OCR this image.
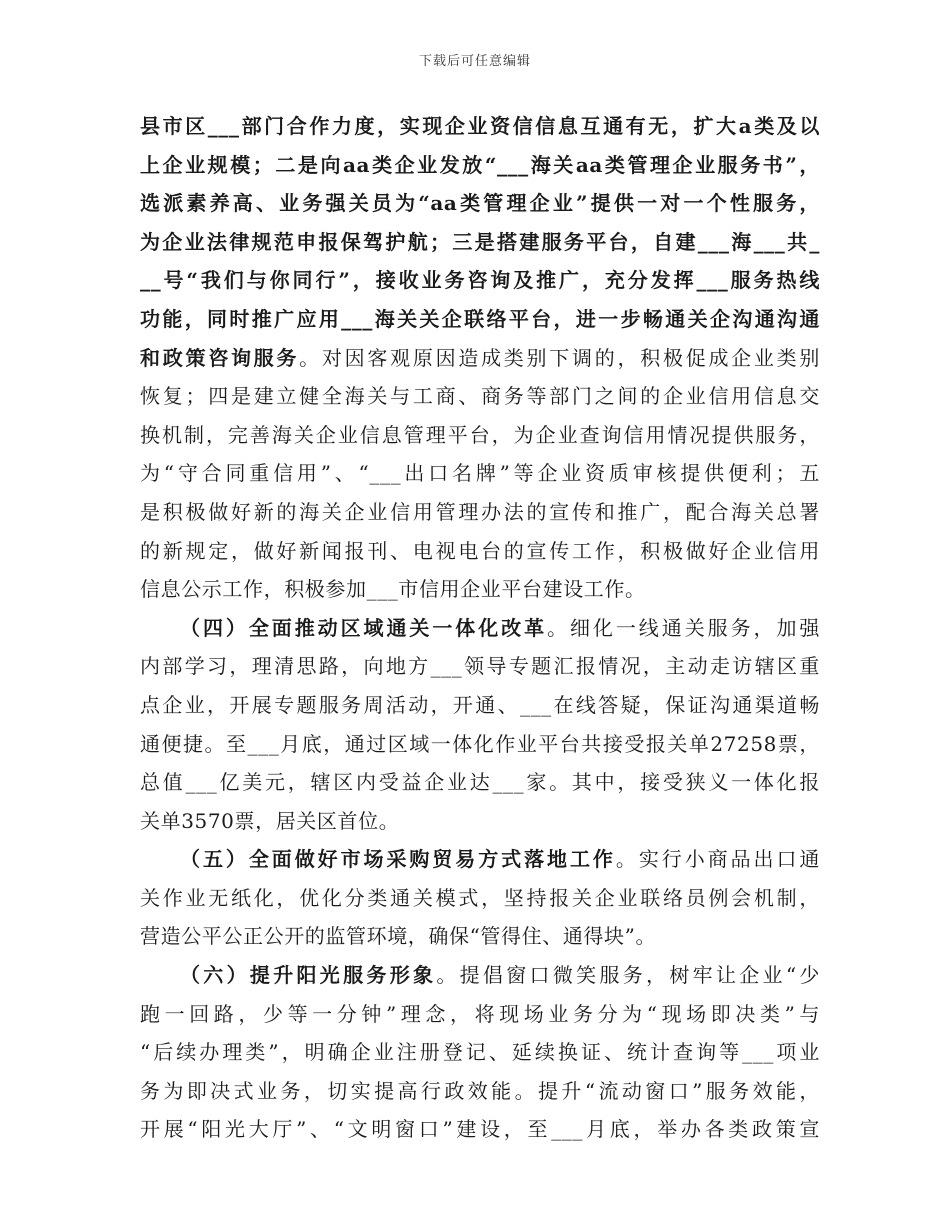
下载后可任意编辑
县市区___部门合作力度，实现企业资信信息互通有无，扩大a类及以
上企业规模；二是向aa类企业发放“___海关aa类管理企业服务书”，
选派素养高、业务强关员为“aa类管理企业”提供一对一个性服务，
为企业法律规范申报保驾护航；三是搭建服务平台，自建___海___共_
__号“我们与你同行”，接收业务咨询及推广，充分发挥___服务热线
功能，同时推广应用___海关关企联络平台，进一步畅通关企沟通沟通
和政策咨询服务。对因客观原因造成类别下调的，积极促成企业类别
恢复；四是建立健全海关与工商、商务等部门之间的企业信用信息交
换机制，完善海关企业信息管理平台，为企业查询信用情况提供服务，
为“守合同重信用”、“___出口名牌”等企业资质审核提供便利；五
是积极做好新的海关企业信用管理办法的宣传和推广，配合海关总署
的新规定，做好新闻报刊、电视电台的宣传工作，积极做好企业信用
信息公示工作，积极参加___市信用企业平台建设工作。
（四）全面推动区域通关一体化改革。细化一线通关服务，加强
内部学习，理清思路，向地方___领导专题汇报情况，主动走访辖区重
点企业，开展专题服务周活动，开通、___在线答疑，保证沟通渠道畅
通便捷。至___月底，通过区域一体化作业平台共接受报关单27258票，
总值___亿美元，辖区内受益企业达___家。其中，接受狭义一体化报
关单3570票，居关区首位。
（五）全面做好市场采购贸易方式落地工作。实行小商品出口通
关作业无纸化，优化分类通关模式，坚持报关企业联络员例会机制，
营造公平公正公开的监管环境，确保“管得住、通得块”。
（六）提升阳光服务形象。提倡窗口微笑服务，树牢让企业“少
跑一回路，少等一分钟”理念，将现场业务分为“现场即决类”与
“后续办理类”，明确企业注册登记、延续换证、统计查询等___项业
务为即决式业务，切实提高行政效能。提升“流动窗口”服务效能，
开展“阳光大厅”、“文明窗口”建设，至___月底，举办各类政策宣
